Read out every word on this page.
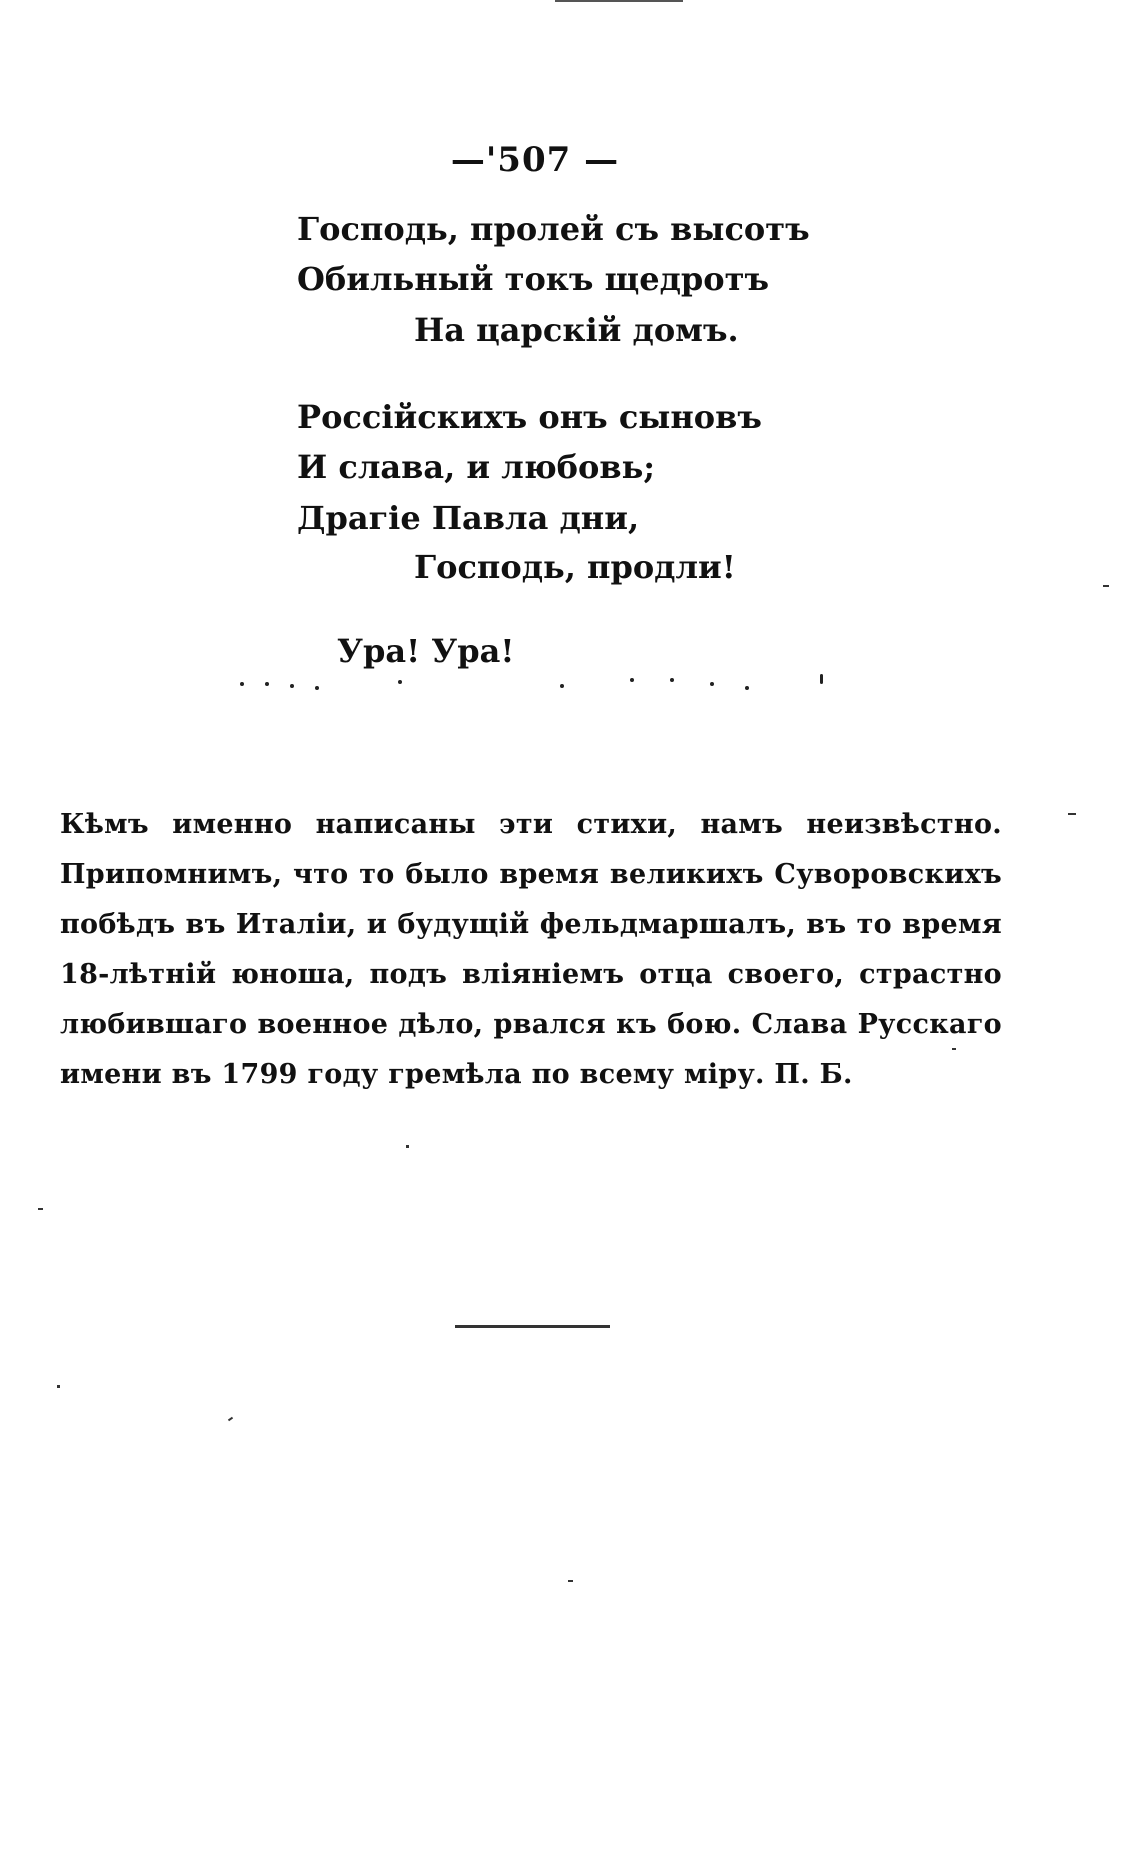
—'507 —
Господь, пролей съ высотъ
Обильный токъ щедротъ
На царскій домъ.
Россійскихъ онъ сыновъ
И слава, и любовь;
Драгіе Павла дни,
Господь, продли!
Ура! Ура!
Кѣмъ именно написаны эти стихи, намъ неизвѣстно. Припомнимъ, что то было время великихъ Суворовскихъ побѣдъ въ Италіи, и будущій фельдмаршалъ, въ то время 18-лѣтній юноша, подъ вліяніемъ отца своего, страстно любившаго военное дѣло, рвался къ бою. Слава Русскаго имени въ 1799 году гремѣла по всему міру. П. Б.
